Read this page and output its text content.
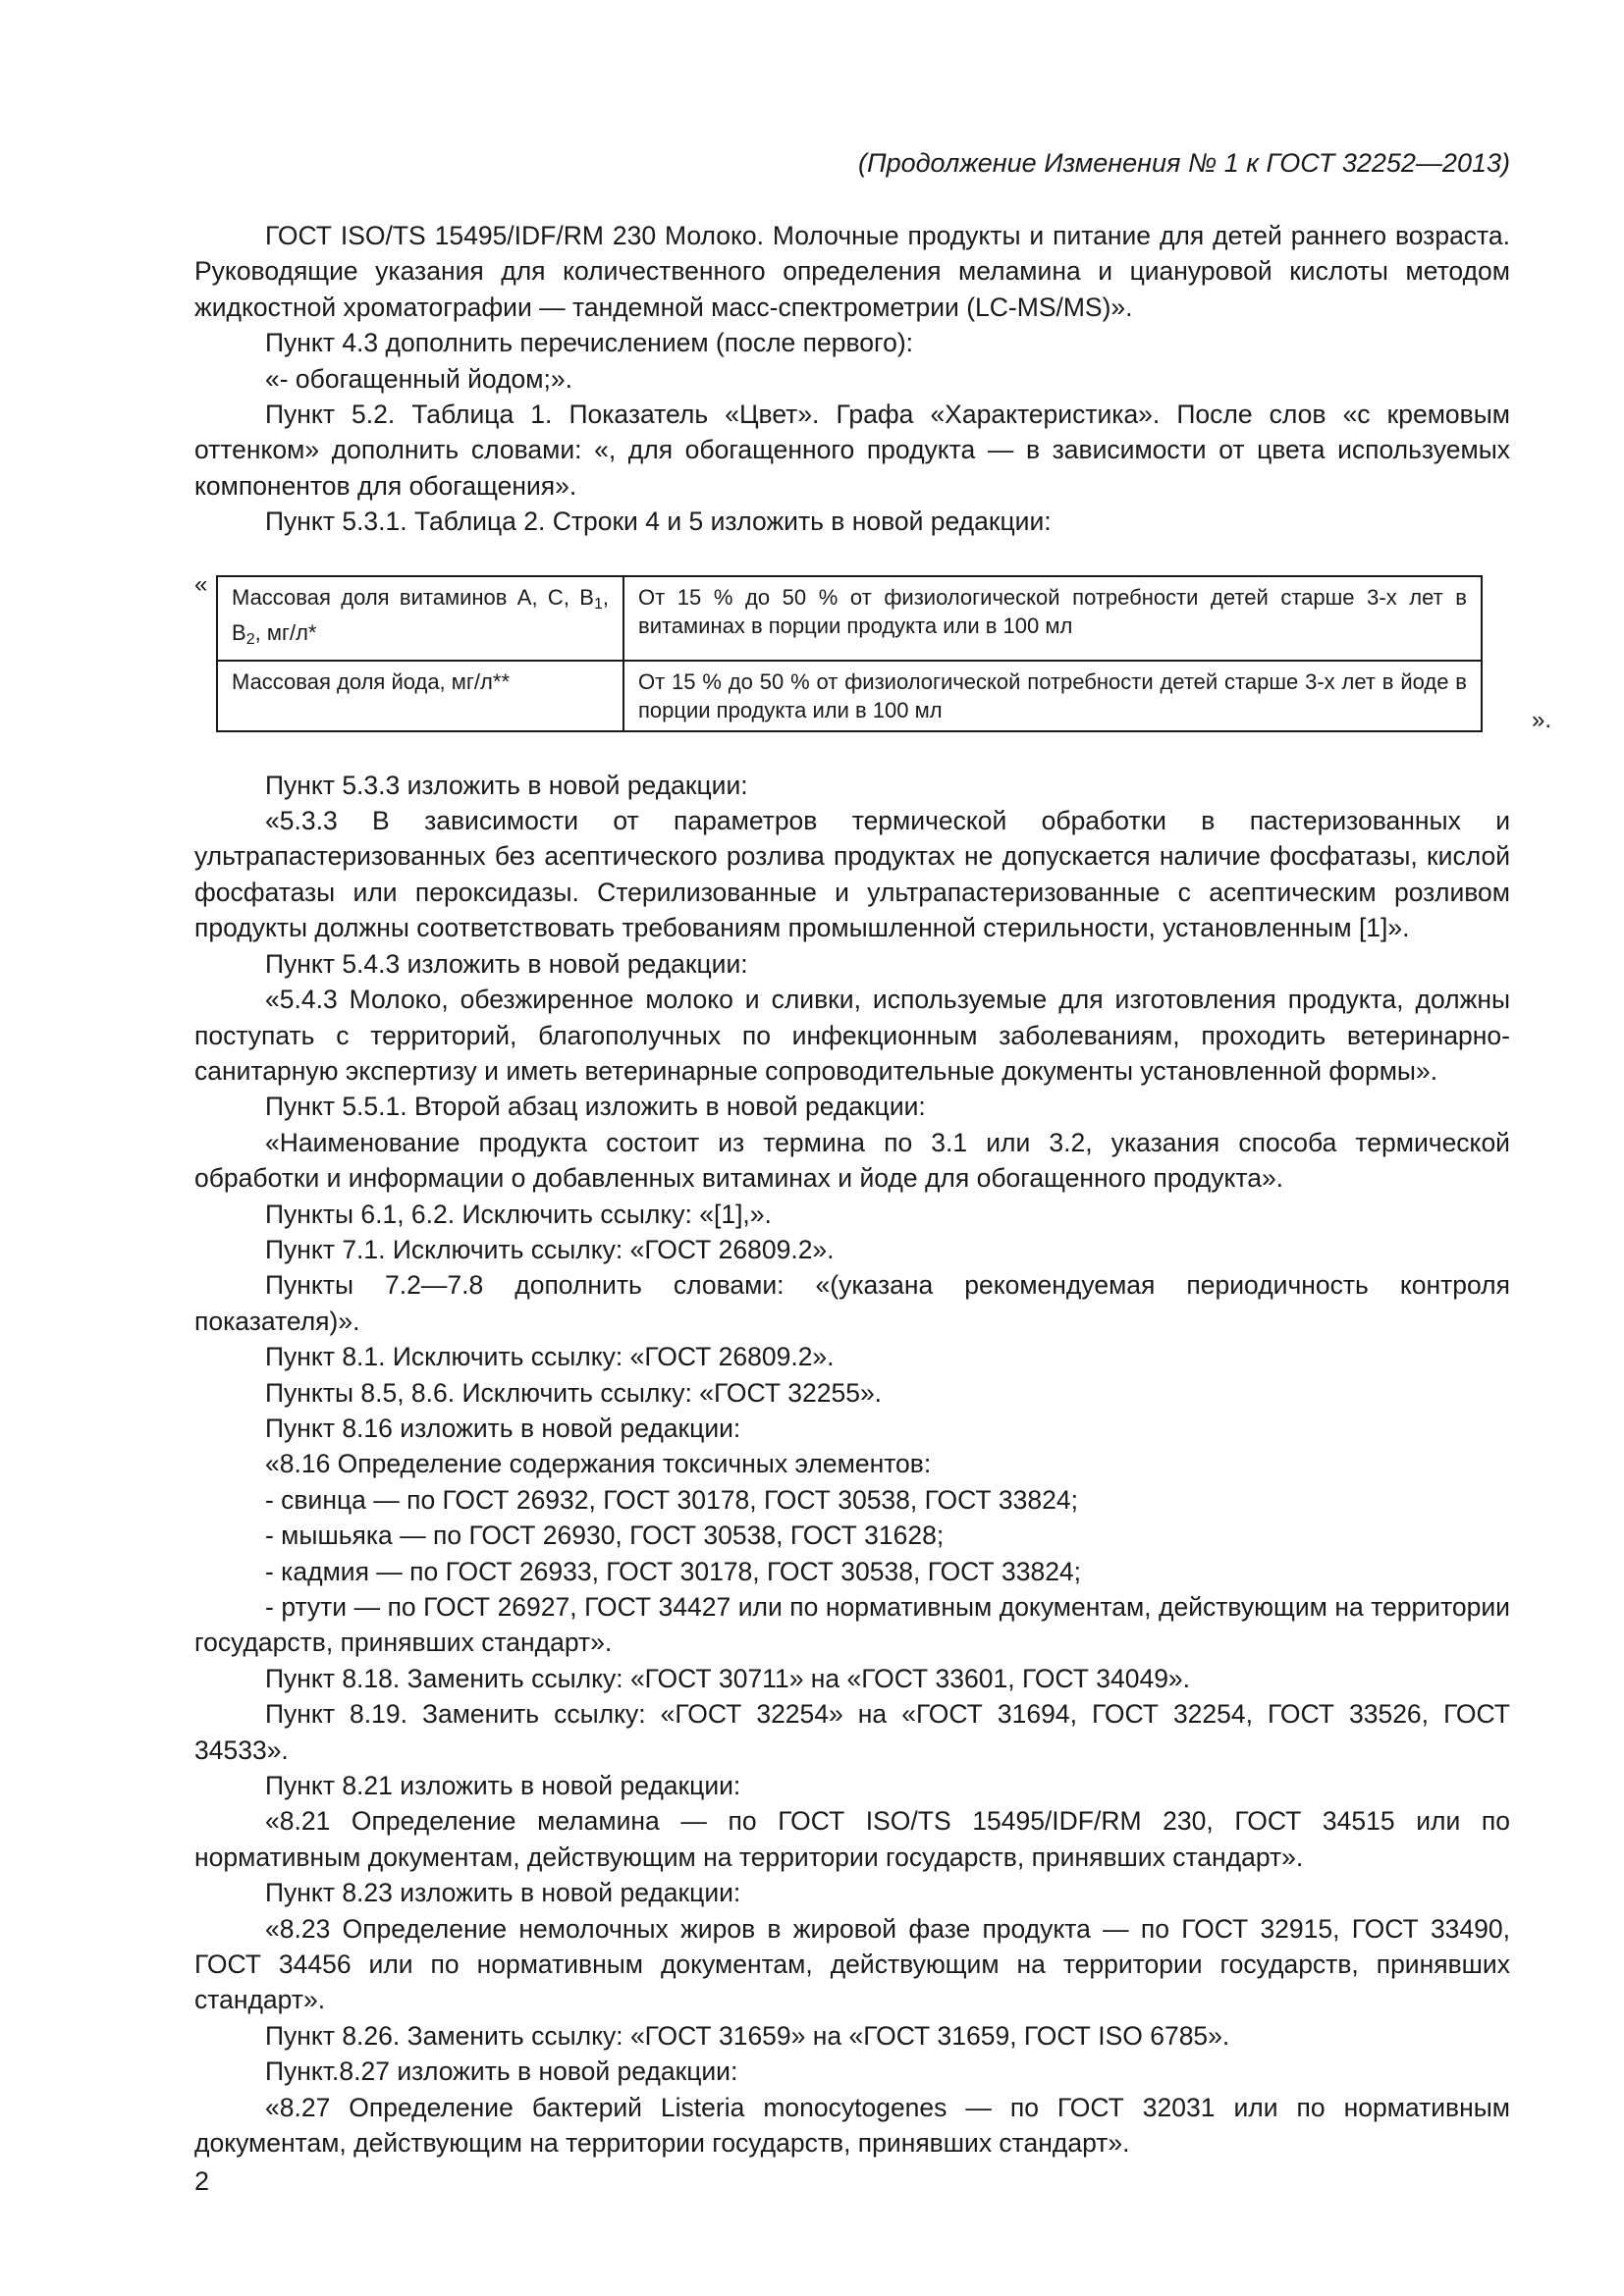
(Продолжение Изменения № 1 к ГОСТ 32252—2013)

ГОСТ ISO/TS 15495/IDF/RM 230 Молоко. Молочные продукты и питание для детей раннего возраста. Руководящие указания для количественного определения меламина и циануровой кислоты методом жидкостной хроматографии — тандемной масс-спектрометрии (LC-MS/MS)».

Пункт 4.3 дополнить перечислением (после первого):

«- обогащенный йодом;».

Пункт 5.2. Таблица 1. Показатель «Цвет». Графа «Характеристика». После слов «с кремовым оттенком» дополнить словами: «, для обогащенного продукта — в зависимости от цвета используемых компонентов для обогащения».

Пункт 5.3.1. Таблица 2. Строки 4 и 5 изложить в новой редакции:

« Массовая доля витаминов А, С, $В_1$, $В_2$, мг/л*	От 15 % до 50 % от физиологической потребности детей старше 3-х лет в витаминах в порции продукта или в 100 мл
Массовая доля йода, мг/л**	От 15 % до 50 % от физиологической потребности детей старше 3-х лет в йоде в порции продукта или в 100 мл	».

Пункт 5.3.3 изложить в новой редакции:

«5.3.3 В зависимости от параметров термической обработки в пастеризованных и ультрапастеризованных без асептического розлива продуктах не допускается наличие фосфатазы, кислой фосфатазы или пероксидазы. Стерилизованные и ультрапастеризованные с асептическим розливом продукты должны соответствовать требованиям промышленной стерильности, установленным [1]».

Пункт 5.4.3 изложить в новой редакции:

«5.4.3 Молоко, обезжиренное молоко и сливки, используемые для изготовления продукта, должны поступать с территорий, благополучных по инфекционным заболеваниям, проходить ветеринарно-санитарную экспертизу и иметь ветеринарные сопроводительные документы установленной формы».

Пункт 5.5.1. Второй абзац изложить в новой редакции:

«Наименование продукта состоит из термина по 3.1 или 3.2, указания способа термической обработки и информации о добавленных витаминах и йоде для обогащенного продукта».

Пункты 6.1, 6.2. Исключить ссылку: «[1],».

Пункт 7.1. Исключить ссылку: «ГОСТ 26809.2».

Пункты 7.2—7.8 дополнить словами: «(указана рекомендуемая периодичность контроля показателя)».

Пункт 8.1. Исключить ссылку: «ГОСТ 26809.2».

Пункты 8.5, 8.6. Исключить ссылку: «ГОСТ 32255».

Пункт 8.16 изложить в новой редакции:

«8.16 Определение содержания токсичных элементов:

- свинца — по ГОСТ 26932, ГОСТ 30178, ГОСТ 30538, ГОСТ 33824;

- мышьяка — по ГОСТ 26930, ГОСТ 30538, ГОСТ 31628;

- кадмия — по ГОСТ 26933, ГОСТ 30178, ГОСТ 30538, ГОСТ 33824;

- ртути — по ГОСТ 26927, ГОСТ 34427 или по нормативным документам, действующим на территории государств, принявших стандарт».

Пункт 8.18. Заменить ссылку: «ГОСТ 30711» на «ГОСТ 33601, ГОСТ 34049».

Пункт 8.19. Заменить ссылку: «ГОСТ 32254» на «ГОСТ 31694, ГОСТ 32254, ГОСТ 33526, ГОСТ 34533».

Пункт 8.21 изложить в новой редакции:

«8.21 Определение меламина — по ГОСТ ISO/TS 15495/IDF/RM 230, ГОСТ 34515 или по нормативным документам, действующим на территории государств, принявших стандарт».

Пункт 8.23 изложить в новой редакции:

«8.23 Определение немолочных жиров в жировой фазе продукта — по ГОСТ 32915, ГОСТ 33490, ГОСТ 34456 или по нормативным документам, действующим на территории государств, принявших стандарт».

Пункт 8.26. Заменить ссылку: «ГОСТ 31659» на «ГОСТ 31659, ГОСТ ISO 6785».

Пункт.8.27 изложить в новой редакции:

«8.27 Определение бактерий Listeria monocytogenes — по ГОСТ 32031 или по нормативным документам, действующим на территории государств, принявших стандарт».

2
